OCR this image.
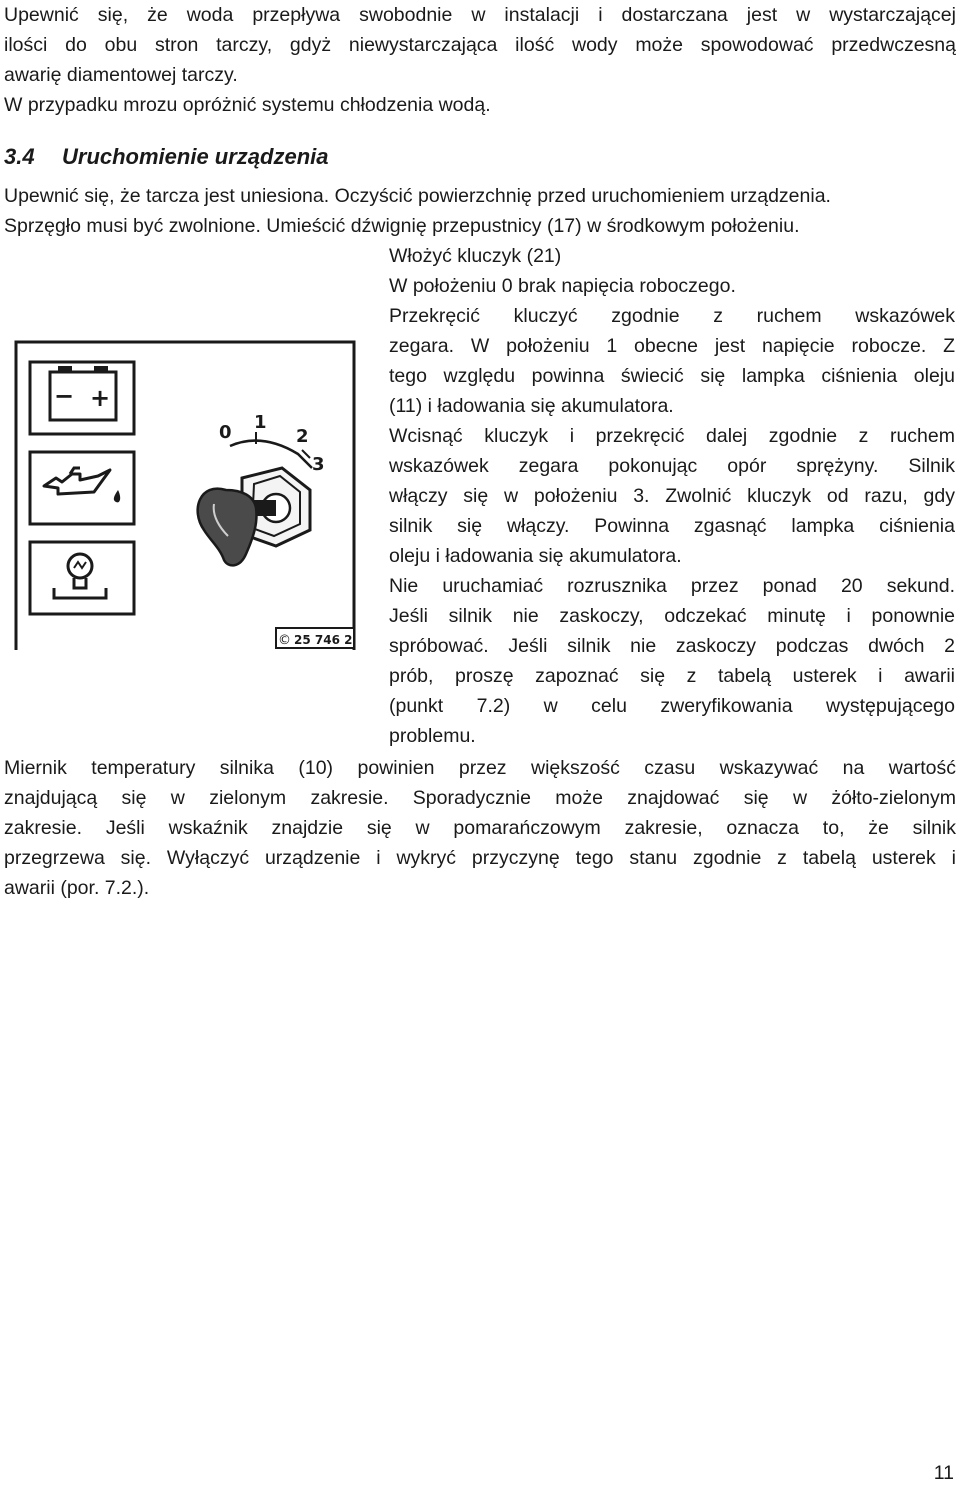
Upewnić się, że woda przepływa swobodnie w instalacji i dostarczana jest w wystarczającej
ilości do obu stron tarczy, gdyż niewystarczająca ilość wody może spowodować przedwczesną
awarię diamentowej tarczy.
W przypadku mrozu opróżnić systemu chłodzenia wodą.
3.4 Uruchomienie urządzenia
Upewnić się, że tarcza jest uniesiona. Oczyścić powierzchnię przed uruchomieniem urządzenia.
Sprzęgło musi być zwolnione. Umieścić dźwignię przepustnicy (17) w środkowym położeniu.
Włożyć kluczyk (21)
W położeniu 0 brak napięcia roboczego.
Przekręcić kluczyć zgodnie z ruchem wskazówek
zegara. W położeniu 1 obecne jest napięcie robocze. Z
tego względu powinna świecić się lampka ciśnienia oleju
(11) i ładowania się akumulatora.
Wcisnąć kluczyk i przekręcić dalej zgodnie z ruchem
wskazówek zegara pokonując opór sprężyny. Silnik
włączy się w położeniu 3. Zwolnić kluczyk od razu, gdy
silnik się włączy. Powinna zgasnąć lampka ciśnienia
oleju i ładowania się akumulatora.
Nie uruchamiać rozrusznika przez ponad 20 sekund.
Jeśli silnik nie zaskoczy, odczekać minutę i ponownie
spróbować. Jeśli silnik nie zaskoczy podczas dwóch 2
prób, proszę zapoznać się z tabelą usterek i awarii
(punkt 7.2) w celu zweryfikowania występującego
problemu.
− +
0 1
2
3
© 25 746 2
Miernik temperatury silnika (10) powinien przez większość czasu wskazywać na wartość
znajdującą się w zielonym zakresie. Sporadycznie może znajdować się w żółto-zielonym
zakresie. Jeśli wskaźnik znajdzie się w pomarańczowym zakresie, oznacza to, że silnik
przegrzewa się. Wyłączyć urządzenie i wykryć przyczynę tego stanu zgodnie z tabelą usterek i
awarii (por. 7.2.).
11
